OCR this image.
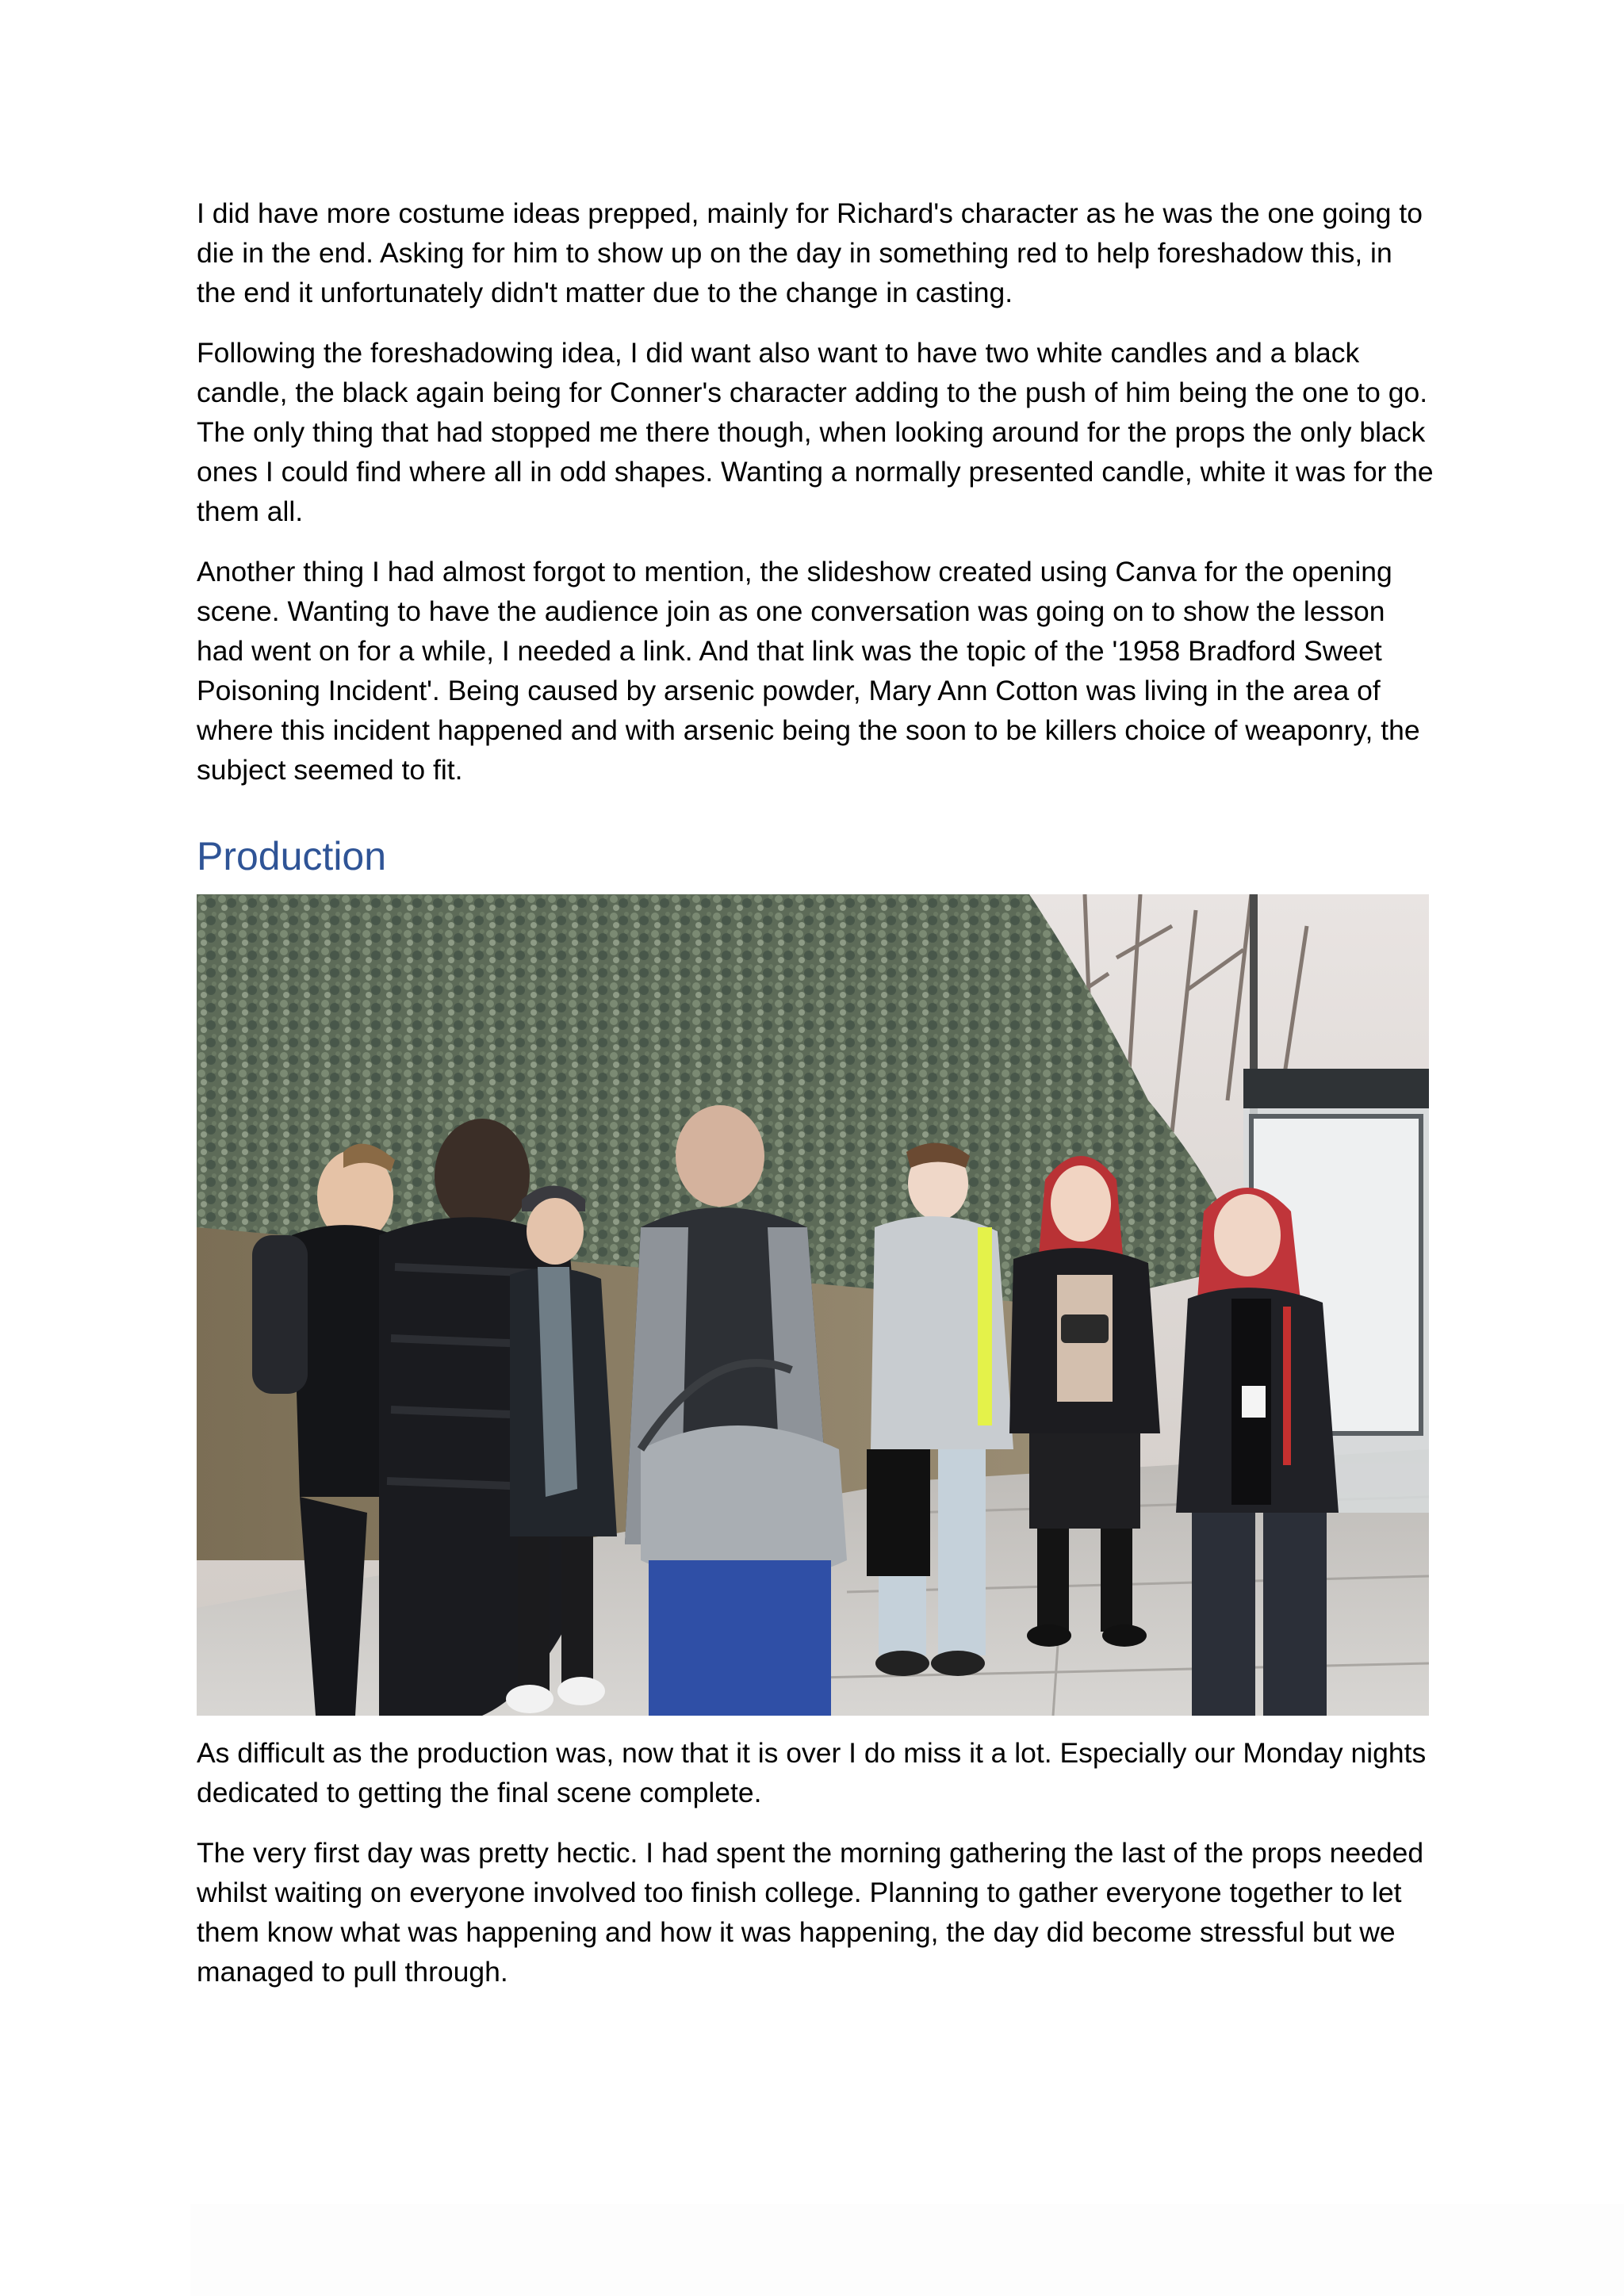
I did have more costume ideas prepped, mainly for Richard's character as he was the one going to die in the end. Asking for him to show up on the day in something red to help foreshadow this, in the end it unfortunately didn't matter due to the change in casting.

Following the foreshadowing idea, I did want also want to have two white candles and a black candle, the black again being for Conner's character adding to the push of him being the one to go. The only thing that had stopped me there though, when looking around for the props the only black ones I could find where all in odd shapes. Wanting a normally presented candle, white it was for the them all.

Another thing I had almost forgot to mention, the slideshow created using Canva for the opening scene. Wanting to have the audience join as one conversation was going on to show the lesson had went on for a while, I needed a link. And that link was the topic of the '1958 Bradford Sweet Poisoning Incident'. Being caused by arsenic powder, Mary Ann Cotton was living in the area of where this incident happened and with arsenic being the soon to be killers choice of weaponry, the subject seemed to fit.

Production

As difficult as the production was, now that it is over I do miss it a lot. Especially our Monday nights dedicated to getting the final scene complete.

The very first day was pretty hectic. I had spent the morning gathering the last of the props needed whilst waiting on everyone involved too finish college. Planning to gather everyone together to let them know what was happening and how it was happening, the day did become stressful but we managed to pull through.
